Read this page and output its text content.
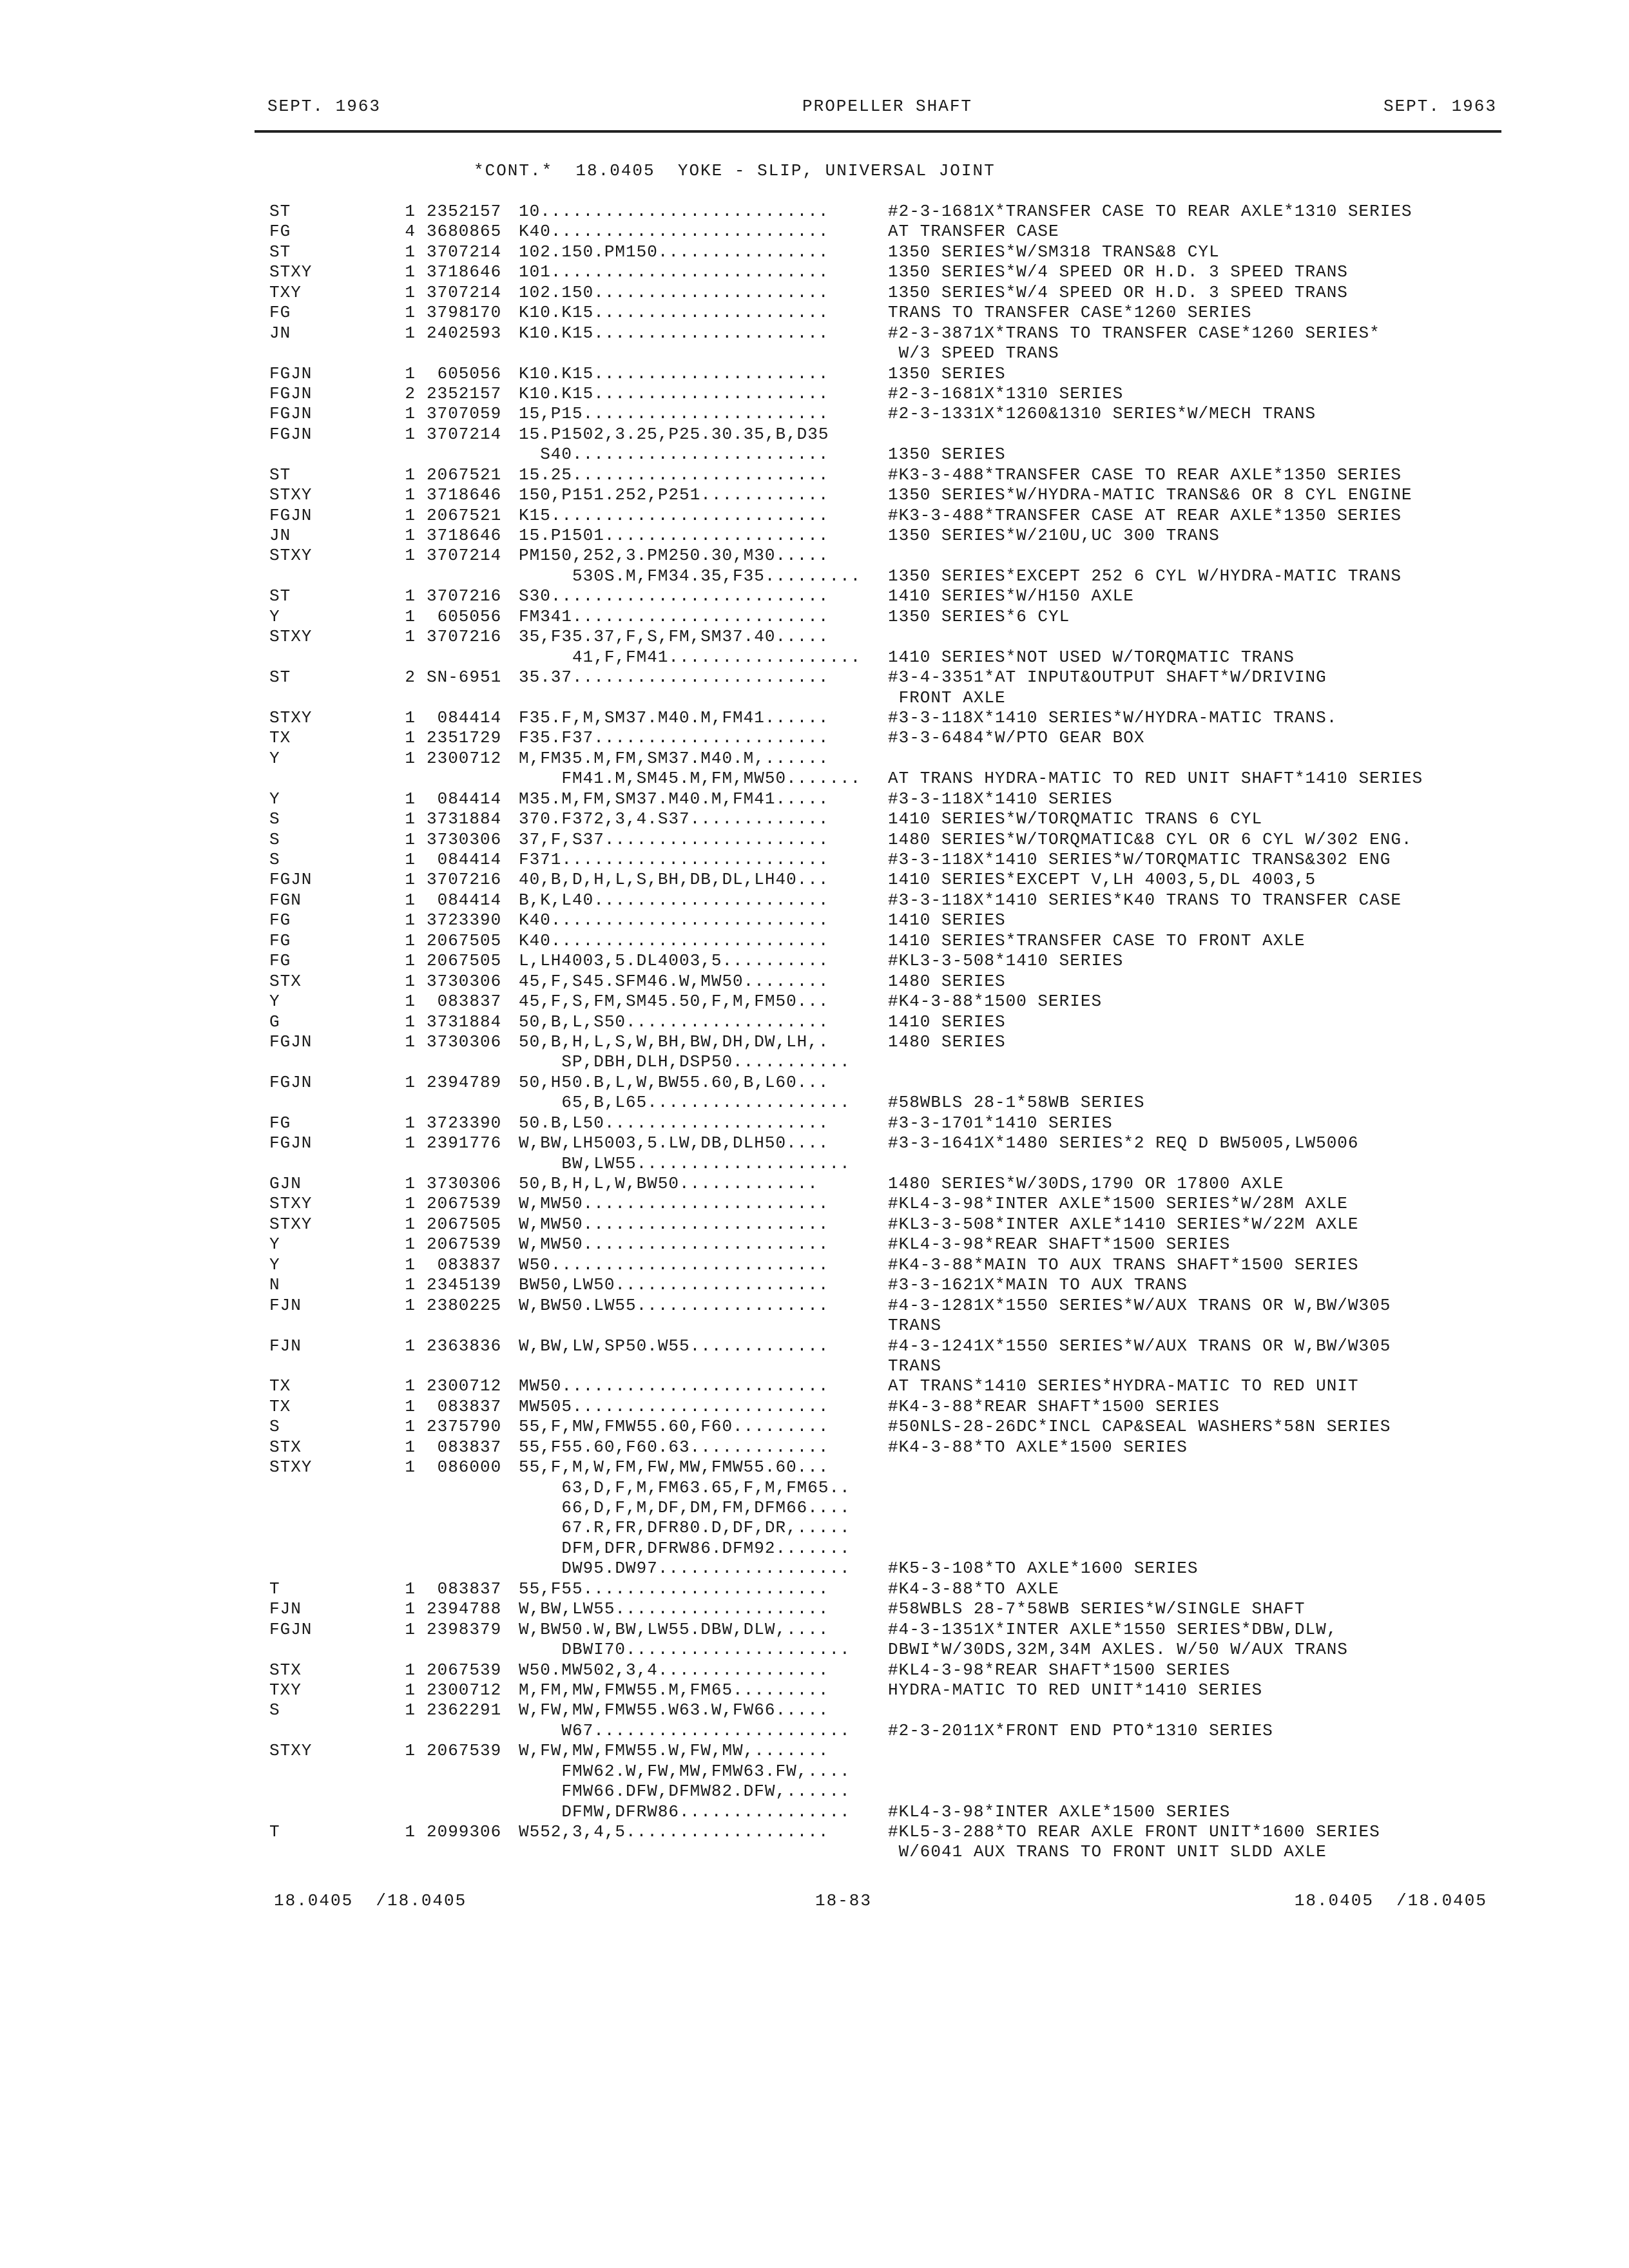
SEPT. 1963	PROPELLER SHAFT	SEPT. 1963
*CONT.*  18.0405  YOKE - SLIP, UNIVERSAL JOINT
ST	1 2352157 10...........................	#2-3-1681X*TRANSFER CASE TO REAR AXLE*1310 SERIES
FG	4 3680865 K40..........................	AT TRANSFER CASE
ST	1 3707214 102.150.PM150................	1350 SERIES*W/SM318 TRANS&8 CYL
STXY	1 3718646 101..........................	1350 SERIES*W/4 SPEED OR H.D. 3 SPEED TRANS
TXY	1 3707214 102.150......................	1350 SERIES*W/4 SPEED OR H.D. 3 SPEED TRANS
FG	1 3798170 K10.K15......................	TRANS TO TRANSFER CASE*1260 SERIES
JN	1 2402593 K10.K15......................	#2-3-3871X*TRANS TO TRANSFER CASE*1260 SERIES*
W/3 SPEED TRANS
FGJN	1 605056 K10.K15......................	1350 SERIES
FGJN	2 2352157 K10.K15......................	#2-3-1681X*1310 SERIES
FGJN	1 3707059 15,P15.......................	#2-3-1331X*1260&1310 SERIES*W/MECH TRANS
FGJN	1 3707214 15.P1502,3.25,P25.30.35,B,D35
S40........................	1350 SERIES
ST	1 2067521 15.25........................	#K3-3-488*TRANSFER CASE TO REAR AXLE*1350 SERIES
STXY	1 3718646 150,P151.252,P251............	1350 SERIES*W/HYDRA-MATIC TRANS&6 OR 8 CYL ENGINE
FGJN	1 2067521 K15..........................	#K3-3-488*TRANSFER CASE AT REAR AXLE*1350 SERIES
JN	1 3718646 15.P1501.....................	1350 SERIES*W/210U,UC 300 TRANS
STXY	1 3707214 PM150,252,3.PM250.30,M30.....
530S.M,FM34.35,F35......... 1350 SERIES*EXCEPT 252 6 CYL W/HYDRA-MATIC TRANS
ST	1 3707216 S30..........................	1410 SERIES*W/H150 AXLE
Y	1 605056 FM341........................	1350 SERIES*6 CYL
STXY	1 3707216 35,F35.37,F,S,FM,SM37.40.....
41,F,FM41.................. 1410 SERIES*NOT USED W/TORQMATIC TRANS
ST	2 SN-6951 35.37........................	#3-4-3351*AT INPUT&OUTPUT SHAFT*W/DRIVING
FRONT AXLE
STXY	1 084414 F35.F,M,SM37.M40.M,FM41......	#3-3-118X*1410 SERIES*W/HYDRA-MATIC TRANS.
TX	1 2351729 F35.F37......................	#3-3-6484*W/PTO GEAR BOX
Y	1 2300712 M,FM35.M,FM,SM37.M40.M,......
FM41.M,SM45.M,FM,MW50....... AT TRANS HYDRA-MATIC TO RED UNIT SHAFT*1410 SERIES
Y	1 084414 M35.M,FM,SM37.M40.M,FM41.....	#3-3-118X*1410 SERIES
S	1 3731884 370.F372,3,4.S37.............	1410 SERIES*W/TORQMATIC TRANS 6 CYL
S	1 3730306 37,F,S37.....................	1480 SERIES*W/TORQMATIC&8 CYL OR 6 CYL W/302 ENG.
S	1 084414 F371.........................	#3-3-118X*1410 SERIES*W/TORQMATIC TRANS&302 ENG
FGJN	1 3707216 40,B,D,H,L,S,BH,DB,DL,LH40...	1410 SERIES*EXCEPT V,LH 4003,5,DL 4003,5
FGN	1 084414 B,K,L40......................	#3-3-118X*1410 SERIES*K40 TRANS TO TRANSFER CASE
FG	1 3723390 K40..........................	1410 SERIES
FG	1 2067505 K40..........................	1410 SERIES*TRANSFER CASE TO FRONT AXLE
FG	1 2067505 L,LH4003,5.DL4003,5..........	#KL3-3-508*1410 SERIES
STX	1 3730306 45,F,S45.SFM46.W,MW50........	1480 SERIES
Y	1 083837 45,F,S,FM,SM45.50,F,M,FM50...	#K4-3-88*1500 SERIES
G	1 3731884 50,B,L,S50...................	1410 SERIES
FGJN	1 3730306 50,B,H,L,S,W,BH,BW,DH,DW,LH,.	1480 SERIES
SP,DBH,DLH,DSP50...........
FGJN	1 2394789 50,H50.B,L,W,BW55.60,B,L60...
65,B,L65................... #58WBLS 28-1*58WB SERIES
FG	1 3723390 50.B,L50.....................	#3-3-1701*1410 SERIES
FGJN	1 2391776 W,BW,LH5003,5.LW,DB,DLH50....	#3-3-1641X*1480 SERIES*2 REQ D BW5005,LW5006
BW,LW55....................
GJN	1 3730306 50,B,H,L,W,BW50.............	1480 SERIES*W/30DS,1790 OR 17800 AXLE
STXY	1 2067539 W,MW50.......................	#KL4-3-98*INTER AXLE*1500 SERIES*W/28M AXLE
STXY	1 2067505 W,MW50.......................	#KL3-3-508*INTER AXLE*1410 SERIES*W/22M AXLE
Y	1 2067539 W,MW50.......................	#KL4-3-98*REAR SHAFT*1500 SERIES
Y	1 083837 W50..........................	#K4-3-88*MAIN TO AUX TRANS SHAFT*1500 SERIES
N	1 2345139 BW50,LW50....................	#3-3-1621X*MAIN TO AUX TRANS
FJN	1 2380225 W,BW50.LW55..................	#4-3-1281X*1550 SERIES*W/AUX TRANS OR W,BW/W305
TRANS
FJN	1 2363836 W,BW,LW,SP50.W55.............	#4-3-1241X*1550 SERIES*W/AUX TRANS OR W,BW/W305
TRANS
TX	1 2300712 MW50.........................	AT TRANS*1410 SERIES*HYDRA-MATIC TO RED UNIT
TX	1 083837 MW505........................	#K4-3-88*REAR SHAFT*1500 SERIES
S	1 2375790 55,F,MW,FMW55.60,F60.........	#50NLS-28-26DC*INCL CAP&SEAL WASHERS*58N SERIES
STX	1 083837 55,F55.60,F60.63.............	#K4-3-88*TO AXLE*1500 SERIES
STXY	1 086000 55,F,M,W,FM,FW,MW,FMW55.60...
63,D,F,M,FM63.65,F,M,FM65..
66,D,F,M,DF,DM,FM,DFM66....
67.R,FR,DFR80.D,DF,DR,.....
DFM,DFR,DFRW86.DFM92.......
DW95.DW97.................. #K5-3-108*TO AXLE*1600 SERIES
T	1 083837 55,F55.......................	#K4-3-88*TO AXLE
FJN	1 2394788 W,BW,LW55....................	#58WBLS 28-7*58WB SERIES*W/SINGLE SHAFT
FGJN	1 2398379 W,BW50.W,BW,LW55.DBW,DLW,....	#4-3-1351X*INTER AXLE*1550 SERIES*DBW,DLW,
DBWI70..................... DBWI*W/30DS,32M,34M AXLES. W/50 W/AUX TRANS
STX	1 2067539 W50.MW502,3,4................	#KL4-3-98*REAR SHAFT*1500 SERIES
TXY	1 2300712 M,FM,MW,FMW55.M,FM65.........	HYDRA-MATIC TO RED UNIT*1410 SERIES
S	1 2362291 W,FW,MW,FMW55.W63.W,FW66.....
W67........................ #2-3-2011X*FRONT END PTO*1310 SERIES
STXY	1 2067539 W,FW,MW,FMW55.W,FW,MW,.......
FMW62.W,FW,MW,FMW63.FW,....
FMW66.DFW,DFMW82.DFW,......
DFMW,DFRW86................ #KL4-3-98*INTER AXLE*1500 SERIES
T	1 2099306 W552,3,4,5...................	#KL5-3-288*TO REAR AXLE FRONT UNIT*1600 SERIES
W/6041 AUX TRANS TO FRONT UNIT SLDD AXLE
18.0405  /18.0405	18-83	18.0405  /18.0405
